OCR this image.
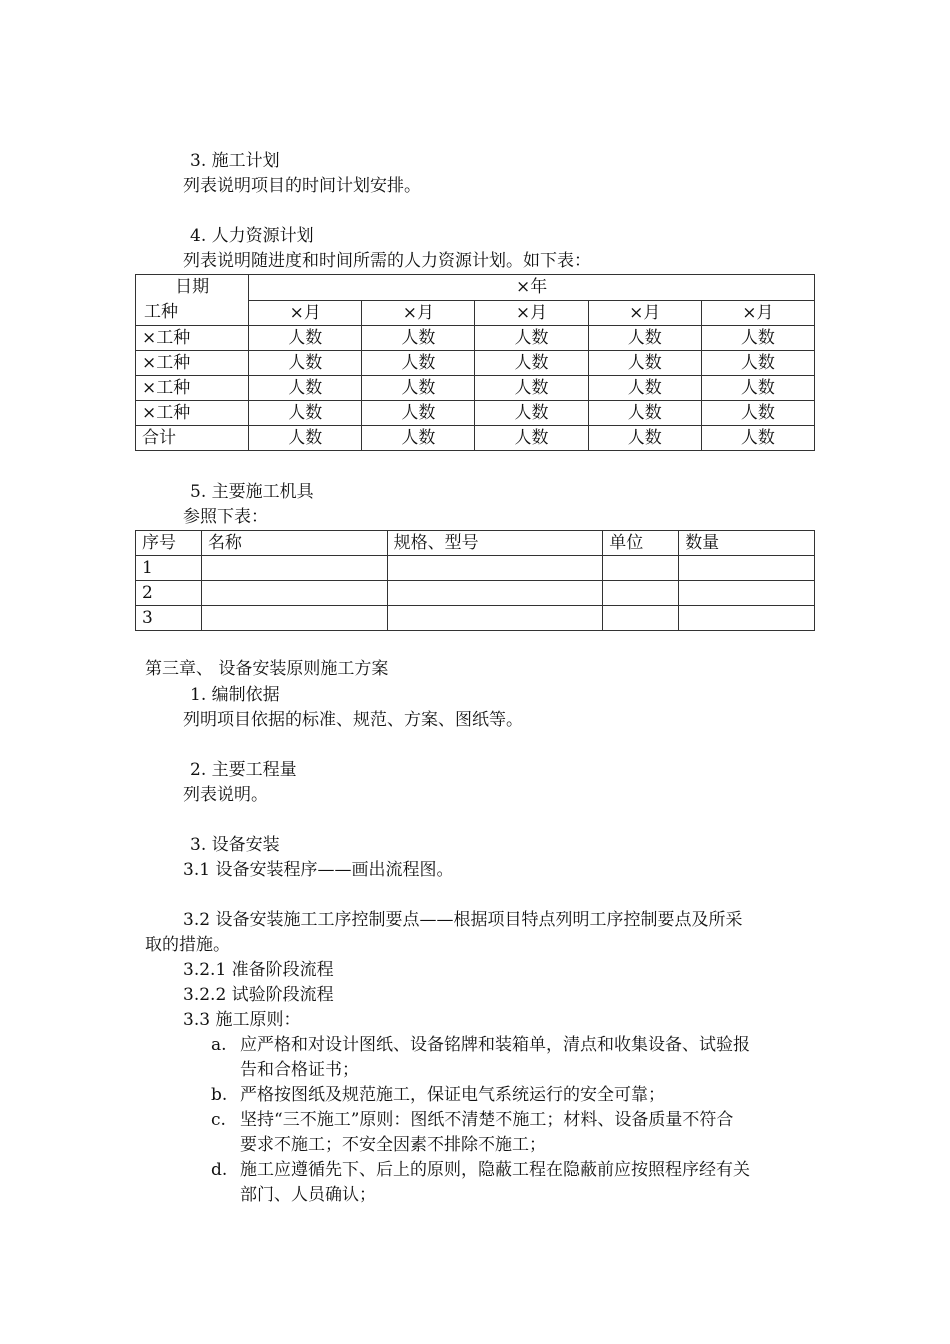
3. 施工计划
列表说明项目的时间计划安排。
4. 人力资源计划
列表说明随进度和时间所需的人力资源计划。如下表：
日期
工种	×年				
	×月	×月	×月	×月	×月
×工种	人数	人数	人数	人数	人数
×工种	人数	人数	人数	人数	人数
×工种	人数	人数	人数	人数	人数
×工种	人数	人数	人数	人数	人数
合计	人数	人数	人数	人数	人数
5. 主要施工机具
参照下表：
序号	名称	规格、型号	单位	数量
1				
2				
3				
第三章、 设备安装原则施工方案
1. 编制依据
列明项目依据的标准、规范、方案、图纸等。
2. 主要工程量
列表说明。
3. 设备安装
3.1 设备安装程序——画出流程图。
3.2 设备安装施工工序控制要点——根据项目特点列明工序控制要点及所采
取的措施。
3.2.1 准备阶段流程
3.2.2 试验阶段流程
3.3 施工原则：
a. 应严格和对设计图纸、设备铭牌和装箱单，清点和收集设备、试验报
告和合格证书；
b. 严格按图纸及规范施工，保证电气系统运行的安全可靠；
c. 坚持“三不施工”原则：图纸不清楚不施工；材料、设备质量不符合
要求不施工；不安全因素不排除不施工；
d. 施工应遵循先下、后上的原则，隐蔽工程在隐蔽前应按照程序经有关
部门、人员确认；
